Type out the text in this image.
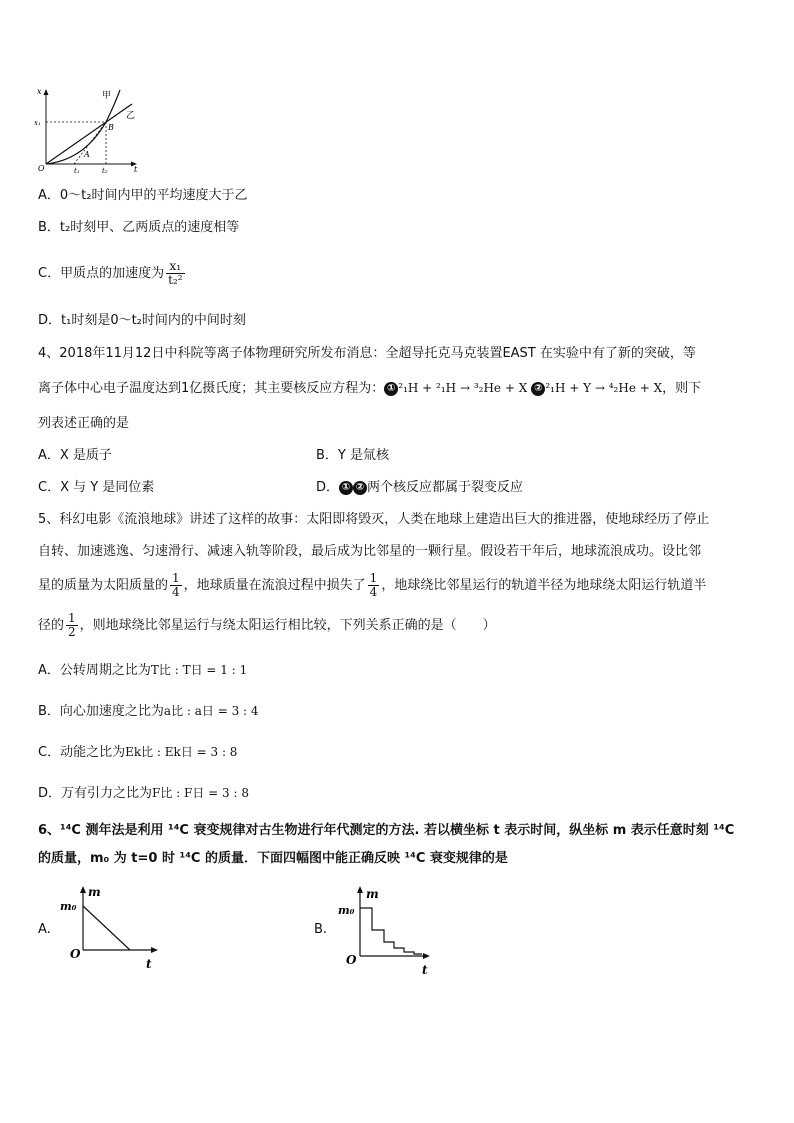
x
x₁
O	t
t₁	t₂
甲
乙
A
B
A．0～t₂时间内甲的平均速度大于乙
B．t₂时刻甲、乙两质点的速度相等
C．甲质点的加速度为 $\frac{\text{x₁}}{\text{t₂²}}$
D．t₁时刻是0～t₂时间内的中间时刻
4、2018年11月12日中科院等离子体物理研究所发布消息：全超导托克马克装置EAST 在实验中有了新的突破，等
离子体中心电子温度达到1亿摄氏度；其主要核反应方程为： ① ²₁H + ²₁H → ³₂He + X ② ²₁H + Y → ⁴₂He + X，则下
列表述正确的是
A．X 是质子	B．Y 是氚核
C．X 与 Y 是同位素	D． ① ② 两个核反应都属于裂变反应
5、科幻电影《流浪地球》讲述了这样的故事：太阳即将毁灭，人类在地球上建造出巨大的推进器，使地球经历了停止
自转、加速逃逸、匀速滑行、减速入轨等阶段，最后成为比邻星的一颗行星。假设若干年后，地球流浪成功。设比邻
星的质量为太阳质量的 $\frac{1}{4}$ ，地球质量在流浪过程中损失了 $\frac{1}{4}$ ，地球绕比邻星运行的轨道半径为地球绕太阳运行轨道半
径的 $\frac{1}{2}$ ，则地球绕比邻星运行与绕太阳运行相比较，下列关系正确的是（　　）
A．公转周期之比为T比 : T日 = 1 : 1
B．向心加速度之比为a比 : a日 = 3 : 4
C．动能之比为Ek比 : Ek日 = 3 : 8
D．万有引力之比为F比 : F日 = 3 : 8
6、¹⁴C 测年法是利用 ¹⁴C 衰变规律对古生物进行年代测定的方法. 若以横坐标 t 表示时间，纵坐标 m 表示任意时刻 ¹⁴C
的质量，m₀ 为 t=0 时 ¹⁴C 的质量．下面四幅图中能正确反映 ¹⁴C 衰变规律的是
A.
m
m₀
O
t
B.
m
m₀
O
t
